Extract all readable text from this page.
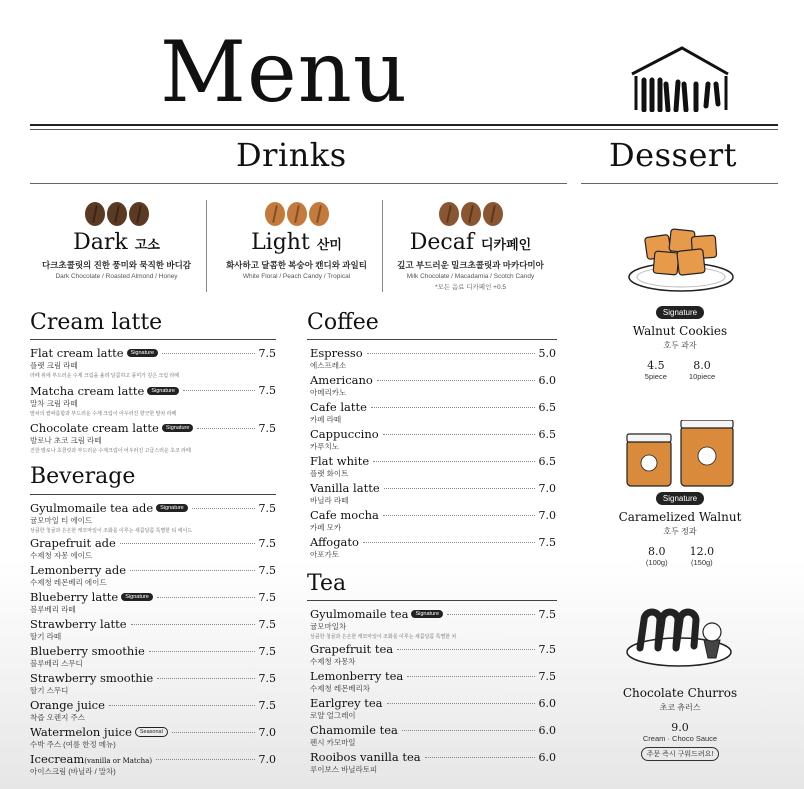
Menu
Drinks	Dessert
Dark 고소
다크초콜릿의 진한 풍미와 묵직한 바디감
Dark Chocolate / Roasted Almond / Honey
Light 산미
화사하고 달콤한 복숭아 캔디와 과일티
White Floral / Peach Candy / Tropical
Decaf 디카페인
깊고 부드러운 밀크초콜릿과 마카다미아
Milk Chocolate / Macadamia / Scotch Candy
*모든 음료 디카페인 +0.5
Cream latte
Flat cream latte	Signature	7.5
플랫 크림 라떼
라떼 위에 부드러운 수제 크림을 올려 달콤하고 풍미가 깊은 크림 라떼
Matcha cream latte	Signature	7.5
말차 크림 라떼
말차의 쌉싸름함과 부드러운 수제 크림이 어우러진 향긋한 말차 라떼
Chocolate cream latte	Signature	7.5
발로나 초코 크림 라떼
진한 발로나 초콜릿과 부드러운 수제크림이 어우러진 고급스러운 초코 라떼
Beverage
Gyulmomaile tea ade	Signature	7.5
귤모마일 티 에이드
상큼한 청귤과 은은한 캐모마일이 조화를 이루는 새콤달콤 특별한 티 에이드
Grapefruit ade	7.5
수제청 자몽 에이드
Lemonberry ade	7.5
수제청 레몬베리 에이드
Blueberry latte	Signature	7.5
블루베리 라떼
Strawberry latte	7.5
딸기 라떼
Blueberry smoothie	7.5
블루베리 스무디
Strawberry smoothie	7.5
딸기 스무디
Orange juice	7.5
착즙 오렌지 주스
Watermelon juice	Seasonal	7.0
수박 주스 (여름 한정 메뉴)
Icecream(vanilla or Matcha)	7.0
아이스크림 (바닐라 / 말차)
Coffee
Espresso	5.0
에스프레소
Americano	6.0
아메리카노
Cafe latte	6.5
카페 라떼
Cappuccino	6.5
카푸치노
Flat white	6.5
플랫 화이트
Vanilla latte	7.0
바닐라 라떼
Cafe mocha	7.0
카페 모카
Affogato	7.5
아포가토
Tea
Gyulmomaile tea	Signature	7.5
귤모마일차
상큼한 청귤과 은은한 캐모마일이 조화를 이루는 새콤달콤 특별한 차
Grapefruit tea	7.5
수제청 자몽차
Lemonberry tea	7.5
수제청 레몬베리차
Earlgrey tea	6.0
로얄 얼그레이
Chamomile tea	6.0
펜시 카모마일
Rooibos vanilla tea	6.0
루이보스 바닐라토피
Signature
Walnut Cookies
호두 과자
4.5
5piece
8.0
10piece
Signature
Caramelized Walnut
호두 정과
8.0
(100g)
12.0
(150g)
Chocolate Churros
초코 츄러스
9.0
Cream · Choco Sauce
주문 즉시 구워드려요!
